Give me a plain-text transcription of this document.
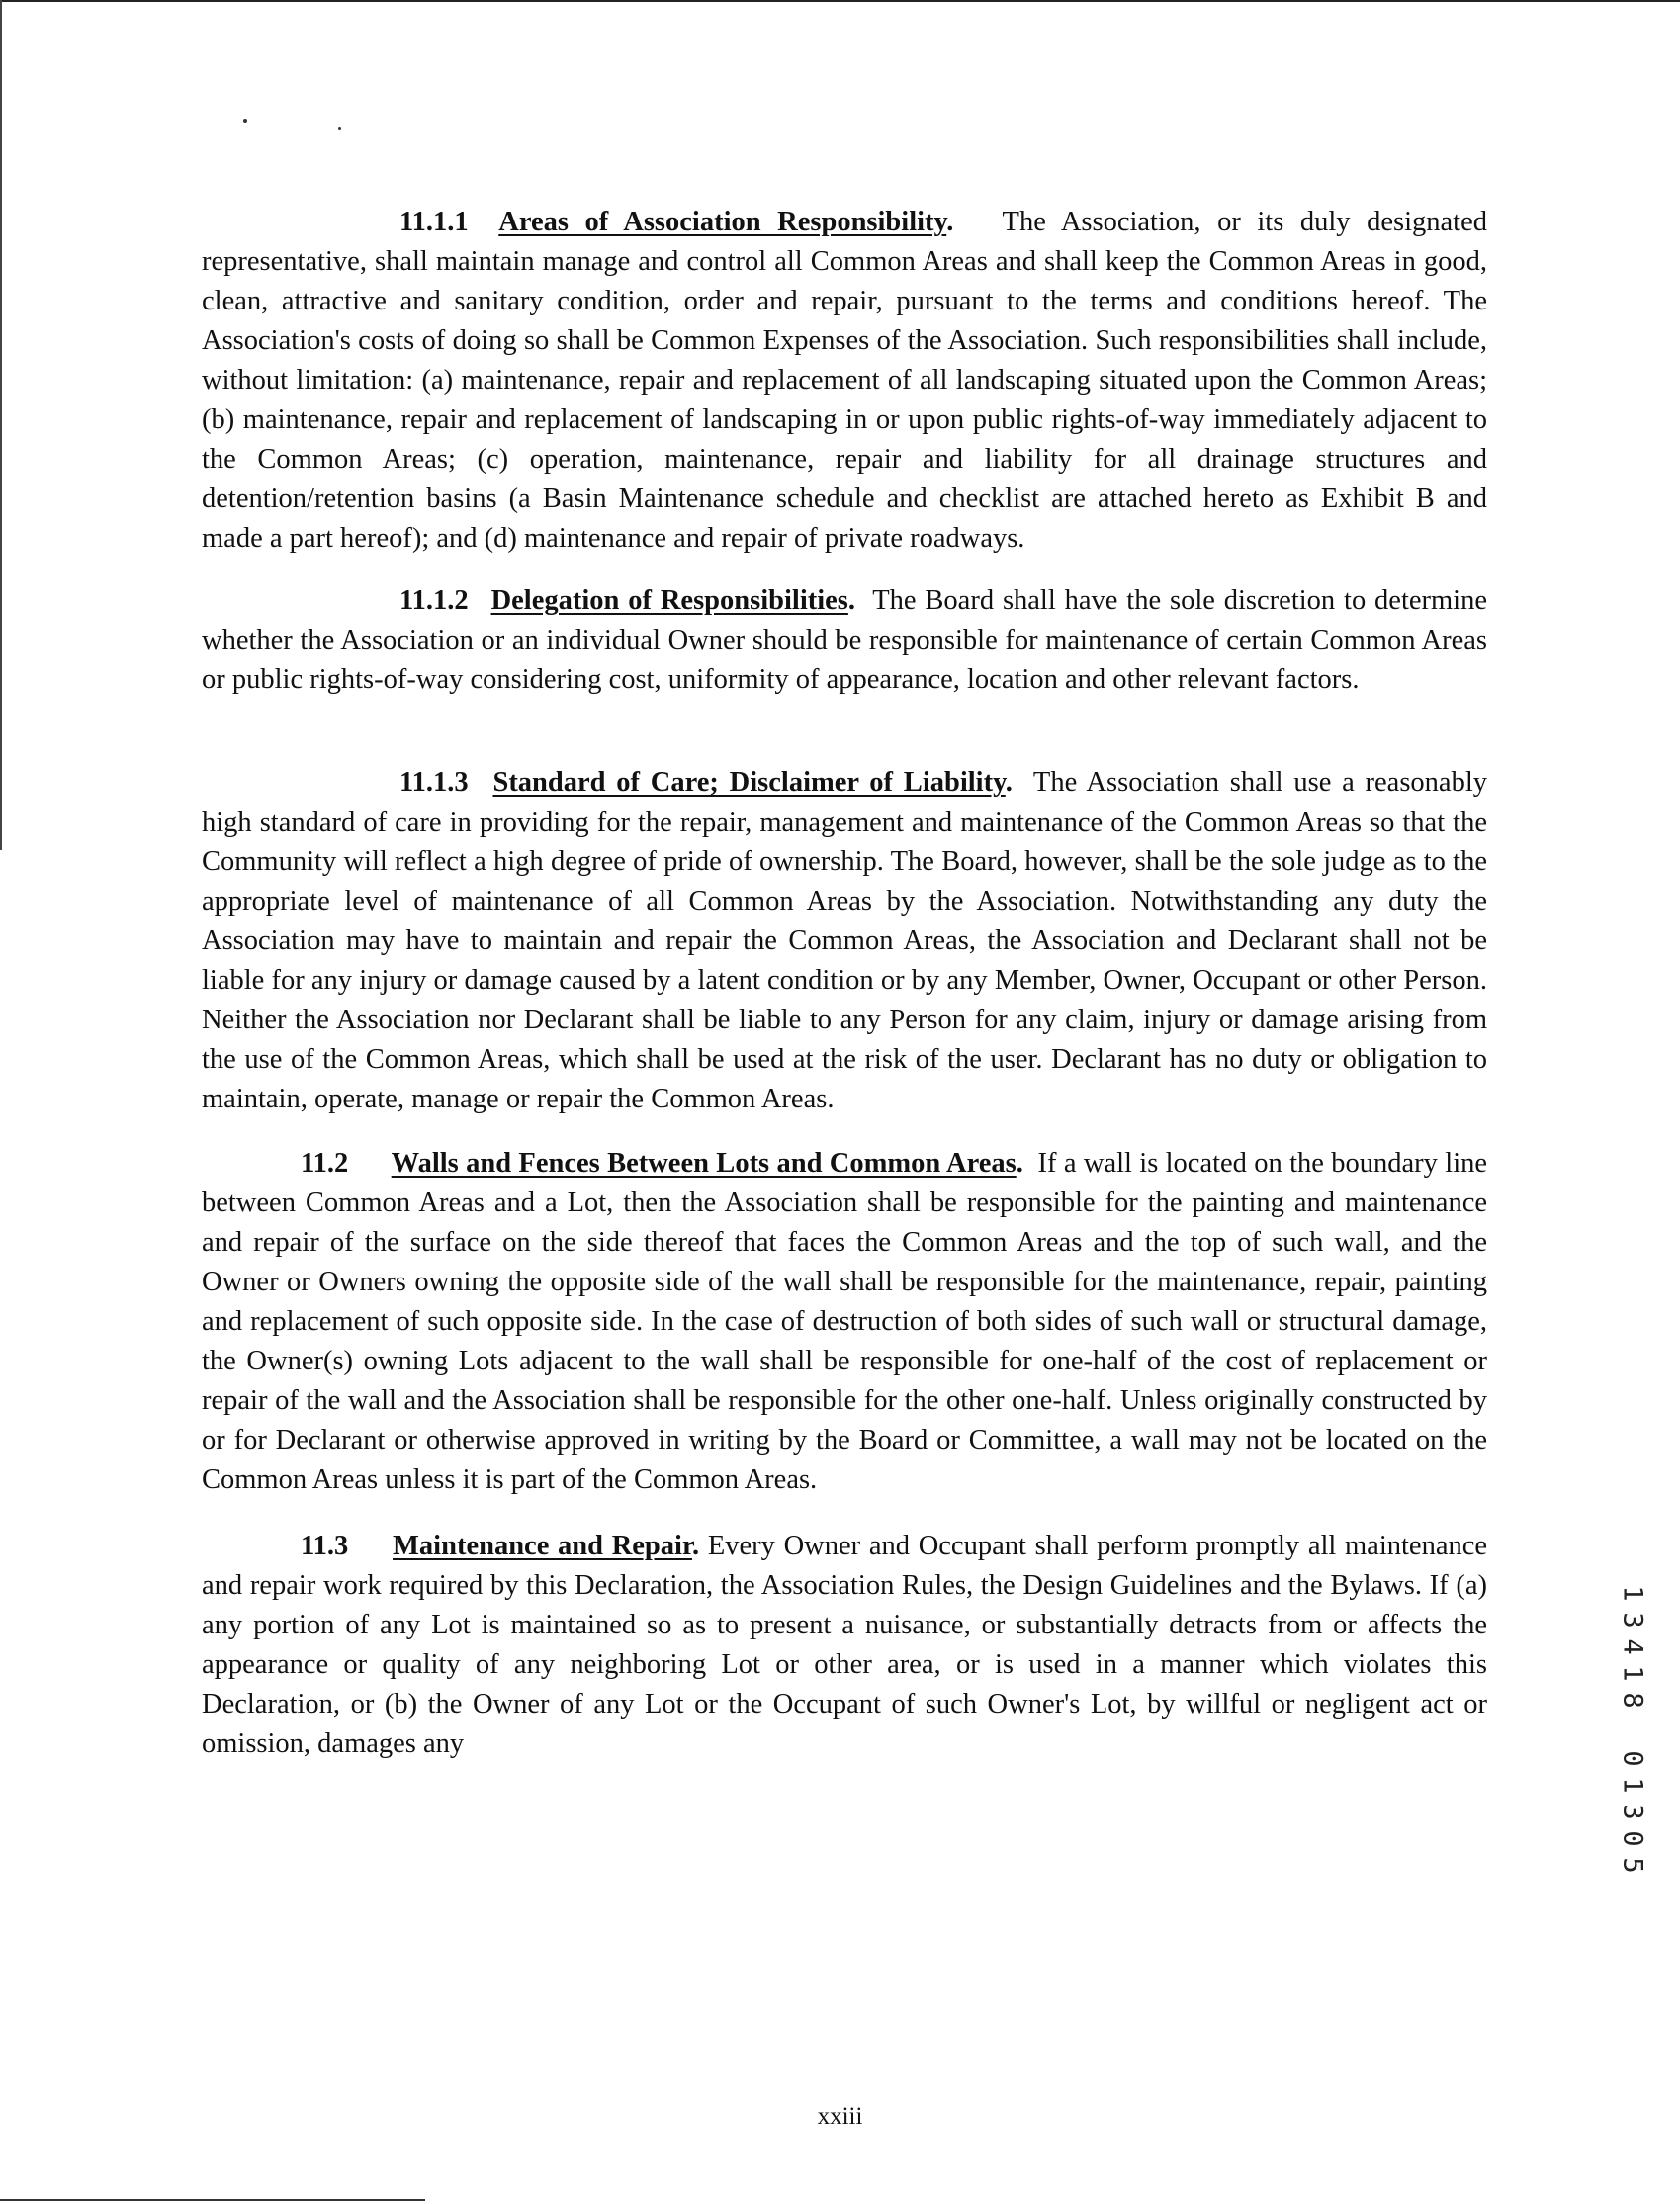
11.1.1 Areas of Association Responsibility. The Association, or its duly designated representative, shall maintain manage and control all Common Areas and shall keep the Common Areas in good, clean, attractive and sanitary condition, order and repair, pursuant to the terms and conditions hereof. The Association's costs of doing so shall be Common Expenses of the Association. Such responsibilities shall include, without limitation: (a) maintenance, repair and replacement of all landscaping situated upon the Common Areas; (b) maintenance, repair and replacement of landscaping in or upon public rights-of-way immediately adjacent to the Common Areas; (c) operation, maintenance, repair and liability for all drainage structures and detention/retention basins (a Basin Maintenance schedule and checklist are attached hereto as Exhibit B and made a part hereof); and (d) maintenance and repair of private roadways.

11.1.2 Delegation of Responsibilities. The Board shall have the sole discretion to determine whether the Association or an individual Owner should be responsible for maintenance of certain Common Areas or public rights-of-way considering cost, uniformity of appearance, location and other relevant factors.

11.1.3 Standard of Care; Disclaimer of Liability. The Association shall use a reasonably high standard of care in providing for the repair, management and maintenance of the Common Areas so that the Community will reflect a high degree of pride of ownership. The Board, however, shall be the sole judge as to the appropriate level of maintenance of all Common Areas by the Association. Notwithstanding any duty the Association may have to maintain and repair the Common Areas, the Association and Declarant shall not be liable for any injury or damage caused by a latent condition or by any Member, Owner, Occupant or other Person. Neither the Association nor Declarant shall be liable to any Person for any claim, injury or damage arising from the use of the Common Areas, which shall be used at the risk of the user. Declarant has no duty or obligation to maintain, operate, manage or repair the Common Areas.

11.2 Walls and Fences Between Lots and Common Areas. If a wall is located on the boundary line between Common Areas and a Lot, then the Association shall be responsible for the painting and maintenance and repair of the surface on the side thereof that faces the Common Areas and the top of such wall, and the Owner or Owners owning the opposite side of the wall shall be responsible for the maintenance, repair, painting and replacement of such opposite side. In the case of destruction of both sides of such wall or structural damage, the Owner(s) owning Lots adjacent to the wall shall be responsible for one-half of the cost of replacement or repair of the wall and the Association shall be responsible for the other one-half. Unless originally constructed by or for Declarant or otherwise approved in writing by the Board or Committee, a wall may not be located on the Common Areas unless it is part of the Common Areas.

11.3 Maintenance and Repair. Every Owner and Occupant shall perform promptly all maintenance and repair work required by this Declaration, the Association Rules, the Design Guidelines and the Bylaws. If (a) any portion of any Lot is maintained so as to present a nuisance, or substantially detracts from or affects the appearance or quality of any neighboring Lot or other area, or is used in a manner which violates this Declaration, or (b) the Owner of any Lot or the Occupant of such Owner's Lot, by willful or negligent act or omission, damages any

1
3
4
1
8
0
1
3
0
5
xxiii
